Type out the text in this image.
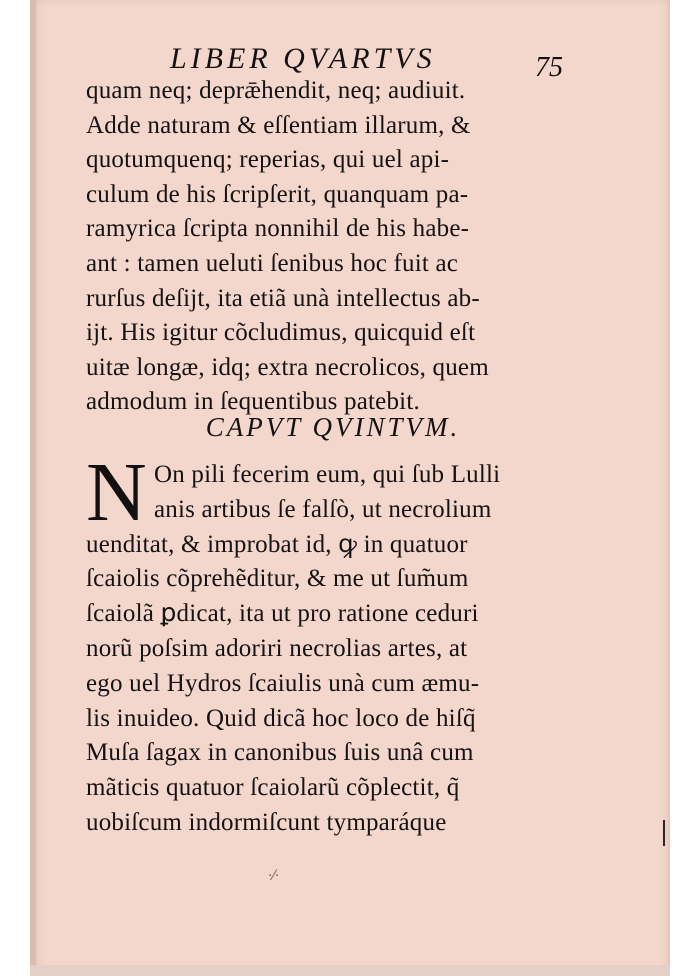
LIBER QVARTVS	75
quam neq; deprǣhendit, neq; audiuit.
Adde naturam & eſſentiam illarum, &
quotumquenq; reperias, qui uel api-
culum de his ſcripſerit, quanquam pa-
ramyrica ſcripta nonnihil de his habe-
ant : tamen ueluti ſenibus hoc fuit ac
rurſus deſijt, ita etiã unà intellectus ab-
ijt. His igitur cõcludimus, quicquid eſt
uitæ longæ, idq; extra necrolicos, quem
admodum in ſequentibus patebit.
CAPVT QVINTVM.
N On pili fecerim eum, qui ſub Lulli
anis artibus ſe falſò, ut necrolium
uenditat, & improbat id, ꝙ in quatuor
ſcaiolis cõprehẽditur, & me ut ſum̃um
ſcaiolã ꝑdicat, ita ut pro ratione ceduri
norũ poſsim adoriri necrolias artes, at
ego uel Hydros ſcaiulis unà cum æmu-
lis inuideo. Quid dicã hoc loco de hiſq̃
Muſa ſagax in canonibus ſuis unâ cum
mãticis quatuor ſcaiolarũ cõplectit, q̃
uobiſcum indormiſcunt tymparáque
·⁄·
